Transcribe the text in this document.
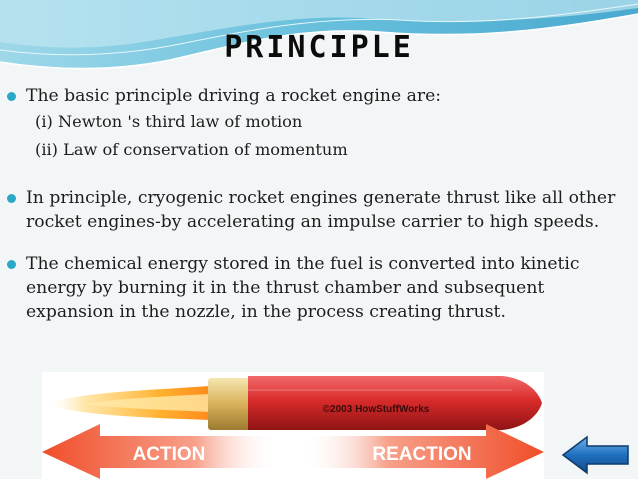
PRINCIPLE
The basic principle driving a rocket engine are:
(i) Newton 's third law of motion
(ii) Law of conservation of momentum
In principle, cryogenic rocket engines generate thrust like all other rocket engines-by accelerating an impulse carrier to high speeds.
The chemical energy stored in the fuel is converted into kinetic energy by burning it in the thrust chamber and subsequent expansion in the nozzle, in the process creating thrust.
©2003 HowStuffWorks
ACTION	REACTION
